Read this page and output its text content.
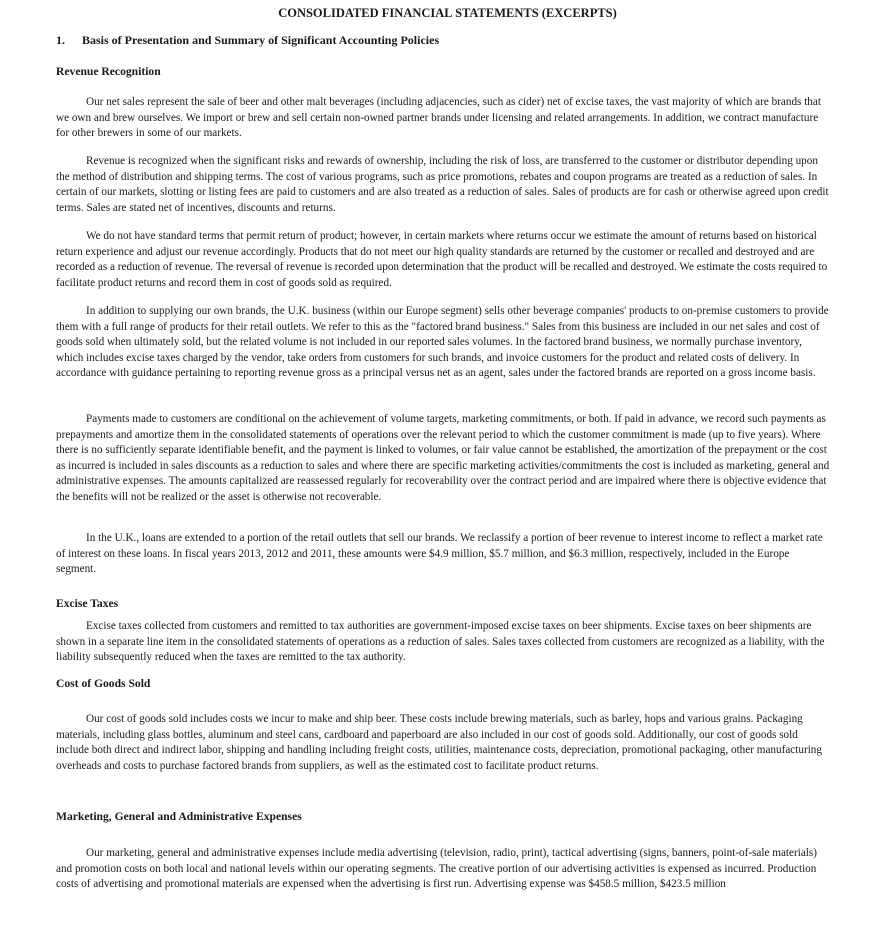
CONSOLIDATED FINANCIAL STATEMENTS (EXCERPTS)
1. Basis of Presentation and Summary of Significant Accounting Policies
Revenue Recognition

Our net sales represent the sale of beer and other malt beverages (including adjacencies, such as cider) net of excise taxes, the vast majority of which are brands that we own and brew ourselves. We import or brew and sell certain non-owned partner brands under licensing and related arrangements. In addition, we contract manufacture for other brewers in some of our markets.

Revenue is recognized when the significant risks and rewards of ownership, including the risk of loss, are transferred to the customer or distributor depending upon the method of distribution and shipping terms. The cost of various programs, such as price promotions, rebates and coupon programs are treated as a reduction of sales. In certain of our markets, slotting or listing fees are paid to customers and are also treated as a reduction of sales. Sales of products are for cash or otherwise agreed upon credit terms. Sales are stated net of incentives, discounts and returns.

We do not have standard terms that permit return of product; however, in certain markets where returns occur we estimate the amount of returns based on historical return experience and adjust our revenue accordingly. Products that do not meet our high quality standards are returned by the customer or recalled and destroyed and are recorded as a reduction of revenue. The reversal of revenue is recorded upon determination that the product will be recalled and destroyed. We estimate the costs required to facilitate product returns and record them in cost of goods sold as required.

In addition to supplying our own brands, the U.K. business (within our Europe segment) sells other beverage companies' products to on-premise customers to provide them with a full range of products for their retail outlets. We refer to this as the "factored brand business." Sales from this business are included in our net sales and cost of goods sold when ultimately sold, but the related volume is not included in our reported sales volumes. In the factored brand business, we normally purchase inventory, which includes excise taxes charged by the vendor, take orders from customers for such brands, and invoice customers for the product and related costs of delivery. In accordance with guidance pertaining to reporting revenue gross as a principal versus net as an agent, sales under the factored brands are reported on a gross income basis.

Payments made to customers are conditional on the achievement of volume targets, marketing commitments, or both. If paid in advance, we record such payments as prepayments and amortize them in the consolidated statements of operations over the relevant period to which the customer commitment is made (up to five years). Where there is no sufficiently separate identifiable benefit, and the payment is linked to volumes, or fair value cannot be established, the amortization of the prepayment or the cost as incurred is included in sales discounts as a reduction to sales and where there are specific marketing activities/commitments the cost is included as marketing, general and administrative expenses. The amounts capitalized are reassessed regularly for recoverability over the contract period and are impaired where there is objective evidence that the benefits will not be realized or the asset is otherwise not recoverable.

In the U.K., loans are extended to a portion of the retail outlets that sell our brands. We reclassify a portion of beer revenue to interest income to reflect a market rate of interest on these loans. In fiscal years 2013, 2012 and 2011, these amounts were $4.9 million, $5.7 million, and $6.3 million, respectively, included in the Europe segment.

Excise Taxes

Excise taxes collected from customers and remitted to tax authorities are government-imposed excise taxes on beer shipments. Excise taxes on beer shipments are shown in a separate line item in the consolidated statements of operations as a reduction of sales. Sales taxes collected from customers are recognized as a liability, with the liability subsequently reduced when the taxes are remitted to the tax authority.

Cost of Goods Sold

Our cost of goods sold includes costs we incur to make and ship beer. These costs include brewing materials, such as barley, hops and various grains. Packaging materials, including glass bottles, aluminum and steel cans, cardboard and paperboard are also included in our cost of goods sold. Additionally, our cost of goods sold include both direct and indirect labor, shipping and handling including freight costs, utilities, maintenance costs, depreciation, promotional packaging, other manufacturing overheads and costs to purchase factored brands from suppliers, as well as the estimated cost to facilitate product returns.

Marketing, General and Administrative Expenses

Our marketing, general and administrative expenses include media advertising (television, radio, print), tactical advertising (signs, banners, point-of-sale materials) and promotion costs on both local and national levels within our operating segments. The creative portion of our advertising activities is expensed as incurred. Production costs of advertising and promotional materials are expensed when the advertising is first run. Advertising expense was $458.5 million, $423.5 million
